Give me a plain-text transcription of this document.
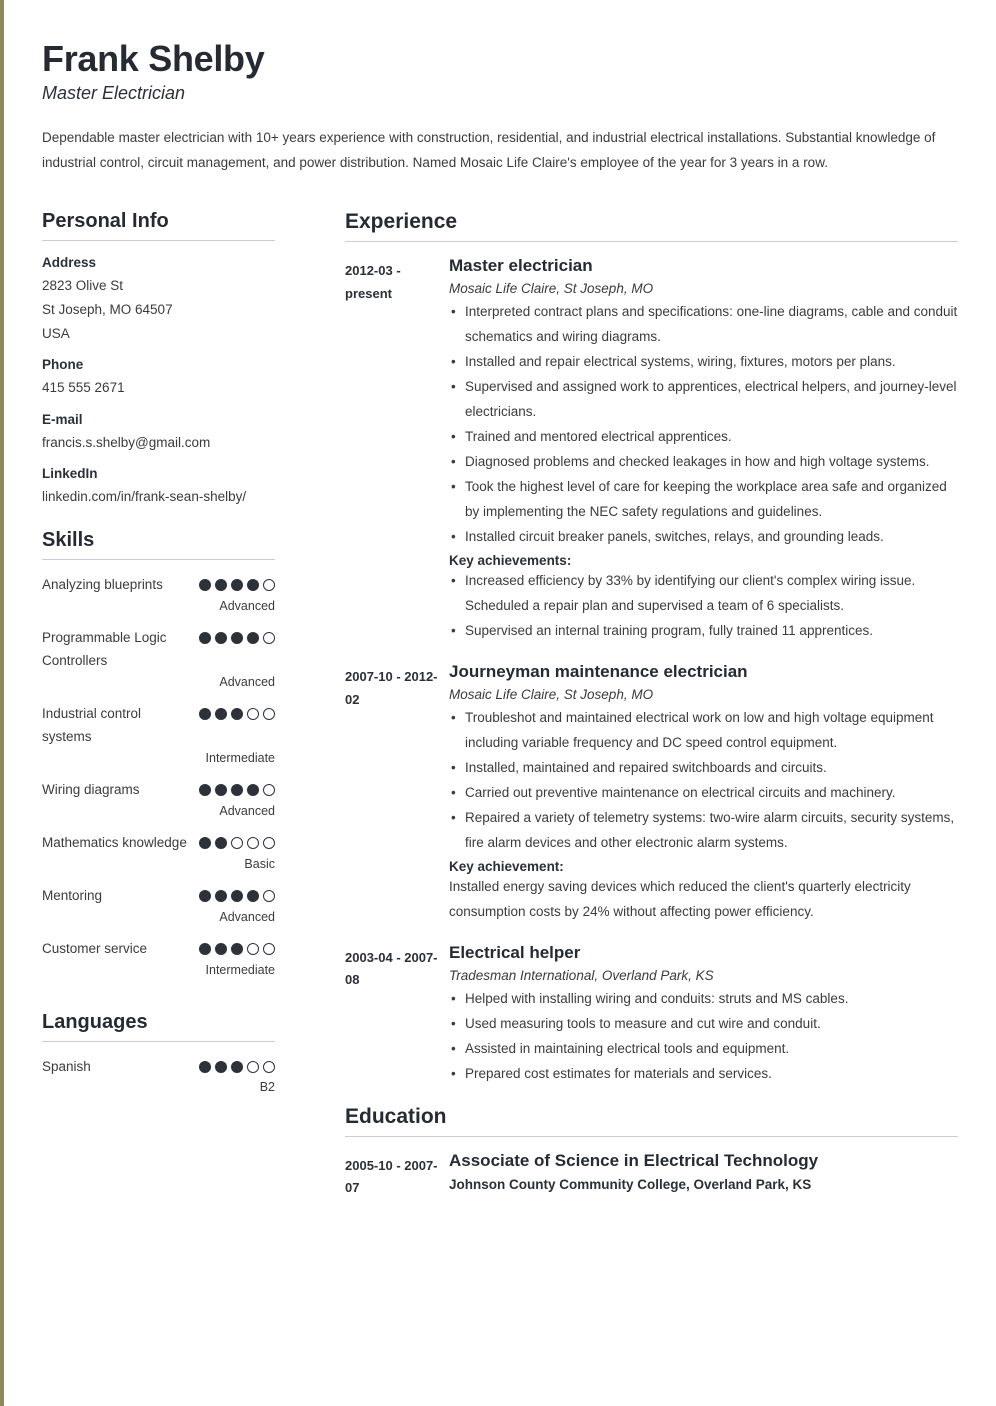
Frank Shelby
Master Electrician
Dependable master electrician with 10+ years experience with construction, residential, and industrial electrical installations. Substantial knowledge of industrial control, circuit management, and power distribution. Named Mosaic Life Claire's employee of the year for 3 years in a row.
Personal Info
Address
2823 Olive St
St Joseph, MO 64507
USA
Phone
415 555 2671
E-mail
francis.s.shelby@gmail.com
LinkedIn
linkedin.com/in/frank-sean-shelby/
Skills
Analyzing blueprints
Advanced
Programmable Logic Controllers
Advanced
Industrial control systems
Intermediate
Wiring diagrams
Advanced
Mathematics knowledge
Basic
Mentoring
Advanced
Customer service
Intermediate
Languages
Spanish
B2
Experience
2012-03 - present
Master electrician
Mosaic Life Claire, St Joseph, MO
• Interpreted contract plans and specifications: one-line diagrams, cable and conduit schematics and wiring diagrams.
• Installed and repair electrical systems, wiring, fixtures, motors per plans.
• Supervised and assigned work to apprentices, electrical helpers, and journey-level electricians.
• Trained and mentored electrical apprentices.
• Diagnosed problems and checked leakages in how and high voltage systems.
• Took the highest level of care for keeping the workplace area safe and organized by implementing the NEC safety regulations and guidelines.
• Installed circuit breaker panels, switches, relays, and grounding leads.
Key achievements:
• Increased efficiency by 33% by identifying our client's complex wiring issue. Scheduled a repair plan and supervised a team of 6 specialists.
• Supervised an internal training program, fully trained 11 apprentices.
2007-10 - 2012-02
Journeyman maintenance electrician
Mosaic Life Claire, St Joseph, MO
• Troubleshot and maintained electrical work on low and high voltage equipment including variable frequency and DC speed control equipment.
• Installed, maintained and repaired switchboards and circuits.
• Carried out preventive maintenance on electrical circuits and machinery.
• Repaired a variety of telemetry systems: two-wire alarm circuits, security systems, fire alarm devices and other electronic alarm systems.
Key achievement:
Installed energy saving devices which reduced the client's quarterly electricity consumption costs by 24% without affecting power efficiency.
2003-04 - 2007-08
Electrical helper
Tradesman International, Overland Park, KS
• Helped with installing wiring and conduits: struts and MS cables.
• Used measuring tools to measure and cut wire and conduit.
• Assisted in maintaining electrical tools and equipment.
• Prepared cost estimates for materials and services.
Education
2005-10 - 2007-07
Associate of Science in Electrical Technology
Johnson County Community College, Overland Park, KS
